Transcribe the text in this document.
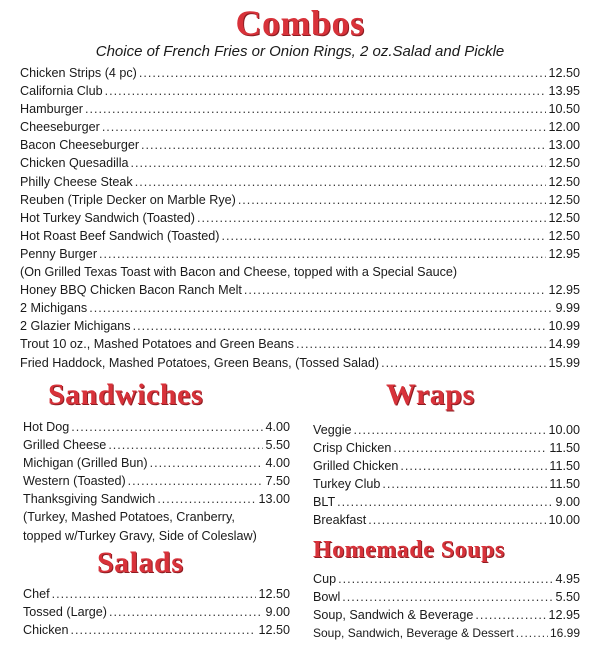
Combos

Choice of French Fries or Onion Rings, 2 oz.Salad and Pickle

Chicken Strips (4 pc) .....	12.50
California Club .....	13.95
Hamburger .....	10.50
Cheeseburger .....	12.00
Bacon Cheeseburger .....	13.00
Chicken Quesadilla .....	12.50
Philly Cheese Steak .....	12.50
Reuben (Triple Decker on Marble Rye) .....	12.50
Hot Turkey Sandwich (Toasted) .....	12.50
Hot Roast Beef Sandwich (Toasted) .....	12.50
Penny Burger .....	12.95
(On Grilled Texas Toast with Bacon and Cheese, topped with a Special Sauce)
Honey BBQ Chicken Bacon Ranch Melt .....	12.95
2 Michigans .....	9.99
2 Glazier Michigans .....	10.99
Trout 10 oz., Mashed Potatoes and Green Beans .....	14.99
Fried Haddock, Mashed Potatoes, Green Beans, (Tossed Salad) .....	15.99
Sandwiches
Hot Dog .....	4.00
Grilled Cheese .....	5.50
Michigan (Grilled Bun) .....	4.00
Western (Toasted) .....	7.50
Thanksgiving Sandwich .....	13.00
(Turkey, Mashed Potatoes, Cranberry,
topped w/Turkey Gravy, Side of Coleslaw)
Wraps
Veggie .....	10.00
Crisp Chicken .....	11.50
Grilled Chicken .....	11.50
Turkey Club .....	11.50
BLT .....	9.00
Breakfast .....	10.00
Salads
Chef .....	12.50
Tossed (Large) .....	9.00
Chicken .....	12.50
Homemade Soups
Cup .....	4.95
Bowl .....	5.50
Soup, Sandwich & Beverage .....	12.95
Soup, Sandwich, Beverage & Dessert .....	16.99
